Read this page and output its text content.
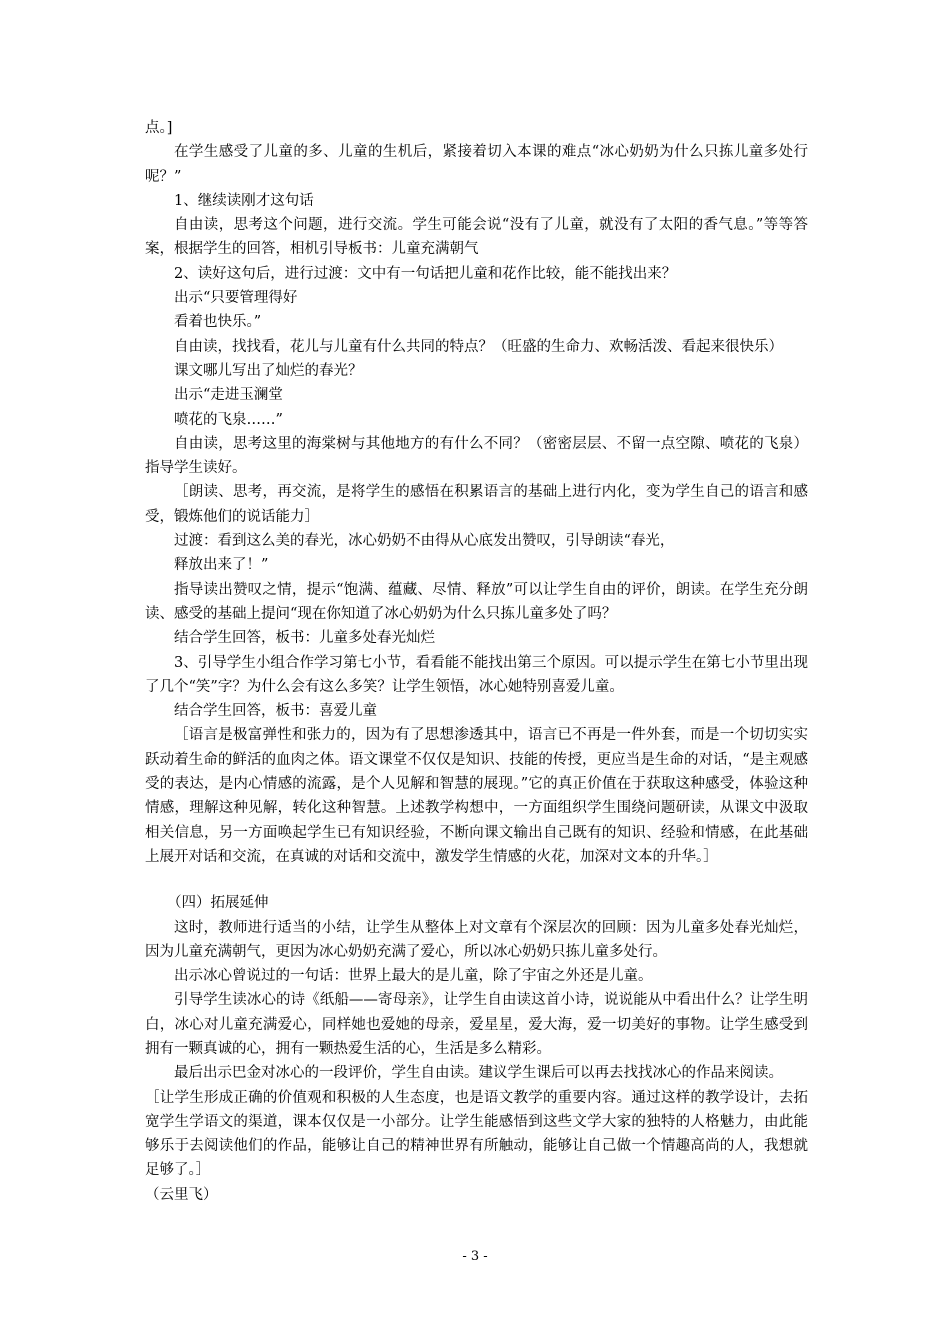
点。]

在学生感受了儿童的多、儿童的生机后，紧接着切入本课的难点“冰心奶奶为什么只拣儿童多处行呢？”

1、继续读刚才这句话

自由读，思考这个问题，进行交流。学生可能会说“没有了儿童，就没有了太阳的香气息。”等等答案，根据学生的回答，相机引导板书：儿童充满朝气

2、读好这句后，进行过渡：文中有一句话把儿童和花作比较，能不能找出来？

出示“只要管理得好

看着也快乐。”

自由读，找找看，花儿与儿童有什么共同的特点？（旺盛的生命力、欢畅活泼、看起来很快乐）

课文哪儿写出了灿烂的春光？

出示“走进玉澜堂

喷花的飞泉……”

自由读，思考这里的海棠树与其他地方的有什么不同？（密密层层、不留一点空隙、喷花的飞泉）指导学生读好。

［朗读、思考，再交流，是将学生的感悟在积累语言的基础上进行内化，变为学生自己的语言和感受，锻炼他们的说话能力］

过渡：看到这么美的春光，冰心奶奶不由得从心底发出赞叹，引导朗读“春光，

释放出来了！”

指导读出赞叹之情，提示“饱满、蕴藏、尽情、释放”可以让学生自由的评价，朗读。在学生充分朗读、感受的基础上提问“现在你知道了冰心奶奶为什么只拣儿童多处了吗？

结合学生回答，板书：儿童多处春光灿烂

3、引导学生小组合作学习第七小节，看看能不能找出第三个原因。可以提示学生在第七小节里出现了几个“笑”字？为什么会有这么多笑？让学生领悟，冰心她特别喜爱儿童。

结合学生回答，板书：喜爱儿童

［语言是极富弹性和张力的，因为有了思想渗透其中，语言已不再是一件外套，而是一个切切实实跃动着生命的鲜活的血肉之体。语文课堂不仅仅是知识、技能的传授，更应当是生命的对话，“是主观感受的表达，是内心情感的流露，是个人见解和智慧的展现。”它的真正价值在于获取这种感受，体验这种情感，理解这种见解，转化这种智慧。上述教学构想中，一方面组织学生围绕问题研读，从课文中汲取相关信息，另一方面唤起学生已有知识经验，不断向课文输出自己既有的知识、经验和情感，在此基础上展开对话和交流，在真诚的对话和交流中，激发学生情感的火花，加深对文本的升华。］

（四）拓展延伸

这时，教师进行适当的小结，让学生从整体上对文章有个深层次的回顾：因为儿童多处春光灿烂，因为儿童充满朝气，更因为冰心奶奶充满了爱心，所以冰心奶奶只拣儿童多处行。

出示冰心曾说过的一句话：世界上最大的是儿童，除了宇宙之外还是儿童。

引导学生读冰心的诗《纸船——寄母亲》，让学生自由读这首小诗，说说能从中看出什么？让学生明白，冰心对儿童充满爱心，同样她也爱她的母亲，爱星星，爱大海，爱一切美好的事物。让学生感受到拥有一颗真诚的心，拥有一颗热爱生活的心，生活是多么精彩。

最后出示巴金对冰心的一段评价，学生自由读。建议学生课后可以再去找找冰心的作品来阅读。

［让学生形成正确的价值观和积极的人生态度，也是语文教学的重要内容。通过这样的教学设计，去拓宽学生学语文的渠道，课本仅仅是一小部分。让学生能感悟到这些文学大家的独特的人格魅力，由此能够乐于去阅读他们的作品，能够让自己的精神世界有所触动，能够让自己做一个情趣高尚的人，我想就足够了。］

（云里飞）

- 3 -
